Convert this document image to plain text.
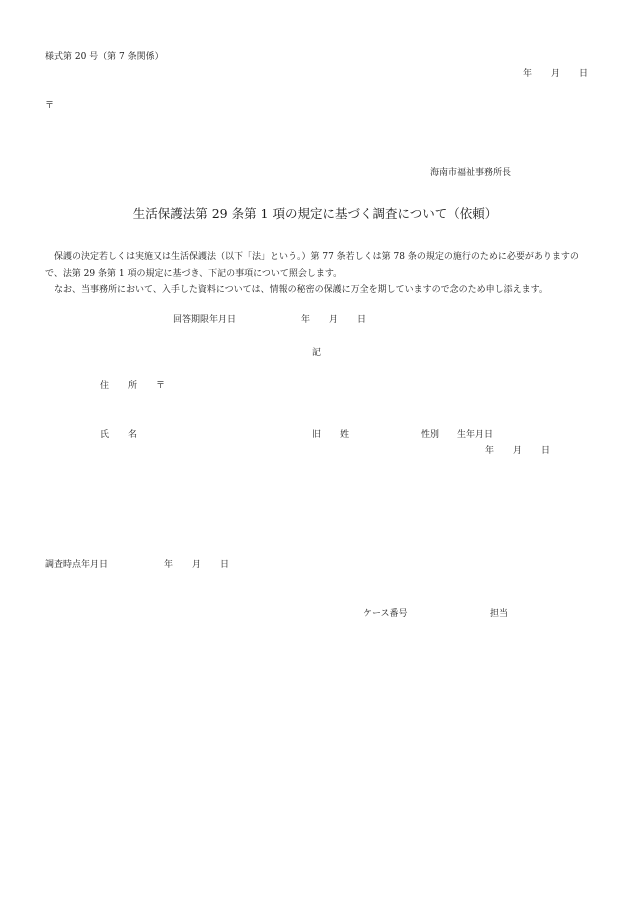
様式第 20 号（第 7 条関係）
年 月 日
〒
海南市福祉事務所長
生活保護法第 29 条第 1 項の規定に基づく調査について（依頼）

保護の決定若しくは実施又は生活保護法（以下「法」という。）第 77 条若しくは第 78 条の規定の施行のために必要がありますので、法第 29 条第 1 項の規定に基づき、下記の事項について照会します。

なお、当事務所において、入手した資料については、情報の秘密の保護に万全を期していますので念のため申し添えます。

回答期限年月日	年 月 日
記
住 所 〒
氏 名	旧 姓	性別 生年月日
年 月 日
調査時点年月日	年 月 日
ケース番号	担当
